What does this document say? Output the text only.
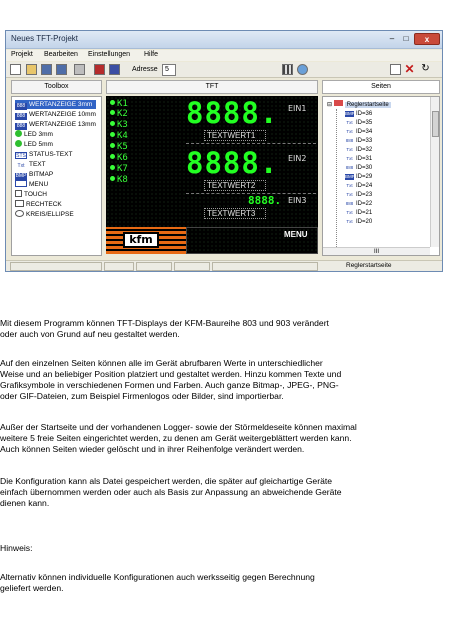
Neues TFT-Projekt	–	□	x
Projekt Bearbeiten Einstellungen Hilfe
Adresse	5	✕ ↻
Toolbox	TFT	Seiten
888 WERTANZEIGE 3mm
888 WERTANZEIGE 10mm
888 WERTANZEIGE 13mm
LED 3mm
LED 5mm
STS STATUS-TEXT
Txt TEXT
BMP BITMAP
MENU
TOUCH
RECHTECK
KREIS/ELLIPSE
K1
K2
K3
K4
K5
K6
K7
K8
8888. EIN1
TEXTWERT1
8888. EIN2
TEXTWERT2
8888. EIN3
TEXTWERT3
kfm	MENU
⊟ Reglerstartseite
BMPID=36
Txt ID=35
Txt ID=34
888 ID=33
Txt ID=32
Txt ID=31
888 ID=30
BMPID=29
Txt ID=24
Txt ID=23
888 ID=22
Txt ID=21
Txt ID=20
III
Reglerstartseite
Mit diesem Programm können TFT-Displays der KFM-Baureihe 803 und 903 verändert
oder auch von Grund auf neu gestaltet werden.
Auf den einzelnen Seiten können alle im Gerät abrufbaren Werte in unterschiedlicher
Weise und an beliebiger Position platziert und gestaltet werden. Hinzu kommen Texte und
Grafiksymbole in verschiedenen Formen und Farben. Auch ganze Bitmap-, JPEG-, PNG-
oder GIF-Dateien, zum Beispiel Firmenlogos oder Bilder, sind importierbar.
Außer der Startseite und der vorhandenen Logger- sowie der Störmeldeseite können maximal
weitere 5 freie Seiten eingerichtet werden, zu denen am Gerät weitergeblättert werden kann.
Auch können Seiten wieder gelöscht und in ihrer Reihenfolge verändert werden.
Die Konfiguration kann als Datei gespeichert werden, die später auf gleichartige Geräte
einfach übernommen werden oder auch als Basis zur Anpassung an abweichende Geräte
dienen kann.
Hinweis:
Alternativ können individuelle Konfigurationen auch werksseitig gegen Berechnung
geliefert werden.
